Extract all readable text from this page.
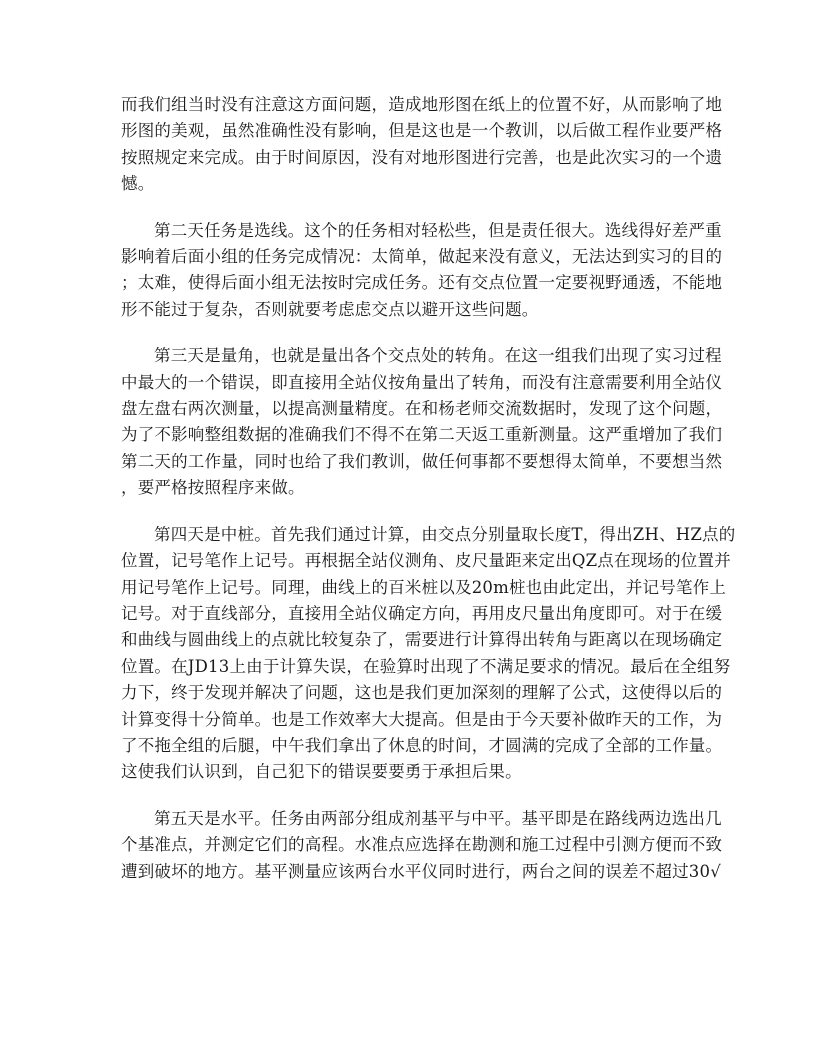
而我们组当时没有注意这方面问题，造成地形图在纸上的位置不好，从而影响了地
形图的美观，虽然准确性没有影响，但是这也是一个教训，以后做工程作业要严格
按照规定来完成。由于时间原因，没有对地形图进行完善，也是此次实习的一个遗
憾。

第二天任务是选线。这个的任务相对轻松些，但是责任很大。选线得好差严重
影响着后面小组的任务完成情况：太简单，做起来没有意义，无法达到实习的目的
；太难，使得后面小组无法按时完成任务。还有交点位置一定要视野通透，不能地
形不能过于复杂，否则就要考虑虑交点以避开这些问题。

第三天是量角，也就是量出各个交点处的转角。在这一组我们出现了实习过程
中最大的一个错误，即直接用全站仪按角量出了转角，而没有注意需要利用全站仪
盘左盘右两次测量，以提高测量精度。在和杨老师交流数据时，发现了这个问题，
为了不影响整组数据的准确我们不得不在第二天返工重新测量。这严重增加了我们
第二天的工作量，同时也给了我们教训，做任何事都不要想得太简单，不要想当然
，要严格按照程序来做。

第四天是中桩。首先我们通过计算，由交点分别量取长度T，得出ZH、HZ点的
位置，记号笔作上记号。再根据全站仪测角、皮尺量距来定出QZ点在现场的位置并
用记号笔作上记号。同理，曲线上的百米桩以及20m桩也由此定出，并记号笔作上
记号。对于直线部分，直接用全站仪确定方向，再用皮尺量出角度即可。对于在缓
和曲线与圆曲线上的点就比较复杂了，需要进行计算得出转角与距离以在现场确定
位置。在JD13上由于计算失误，在验算时出现了不满足要求的情况。最后在全组努
力下，终于发现并解决了问题，这也是我们更加深刻的理解了公式，这使得以后的
计算变得十分简单。也是工作效率大大提高。但是由于今天要补做昨天的工作，为
了不拖全组的后腿，中午我们拿出了休息的时间，才圆满的完成了全部的工作量。
这使我们认识到，自己犯下的错误要要勇于承担后果。

第五天是水平。任务由两部分组成剂基平与中平。基平即是在路线两边选出几
个基准点，并测定它们的高程。水准点应选择在勘测和施工过程中引测方便而不致
遭到破坏的地方。基平测量应该两台水平仪同时进行，两台之间的误差不超过30√
